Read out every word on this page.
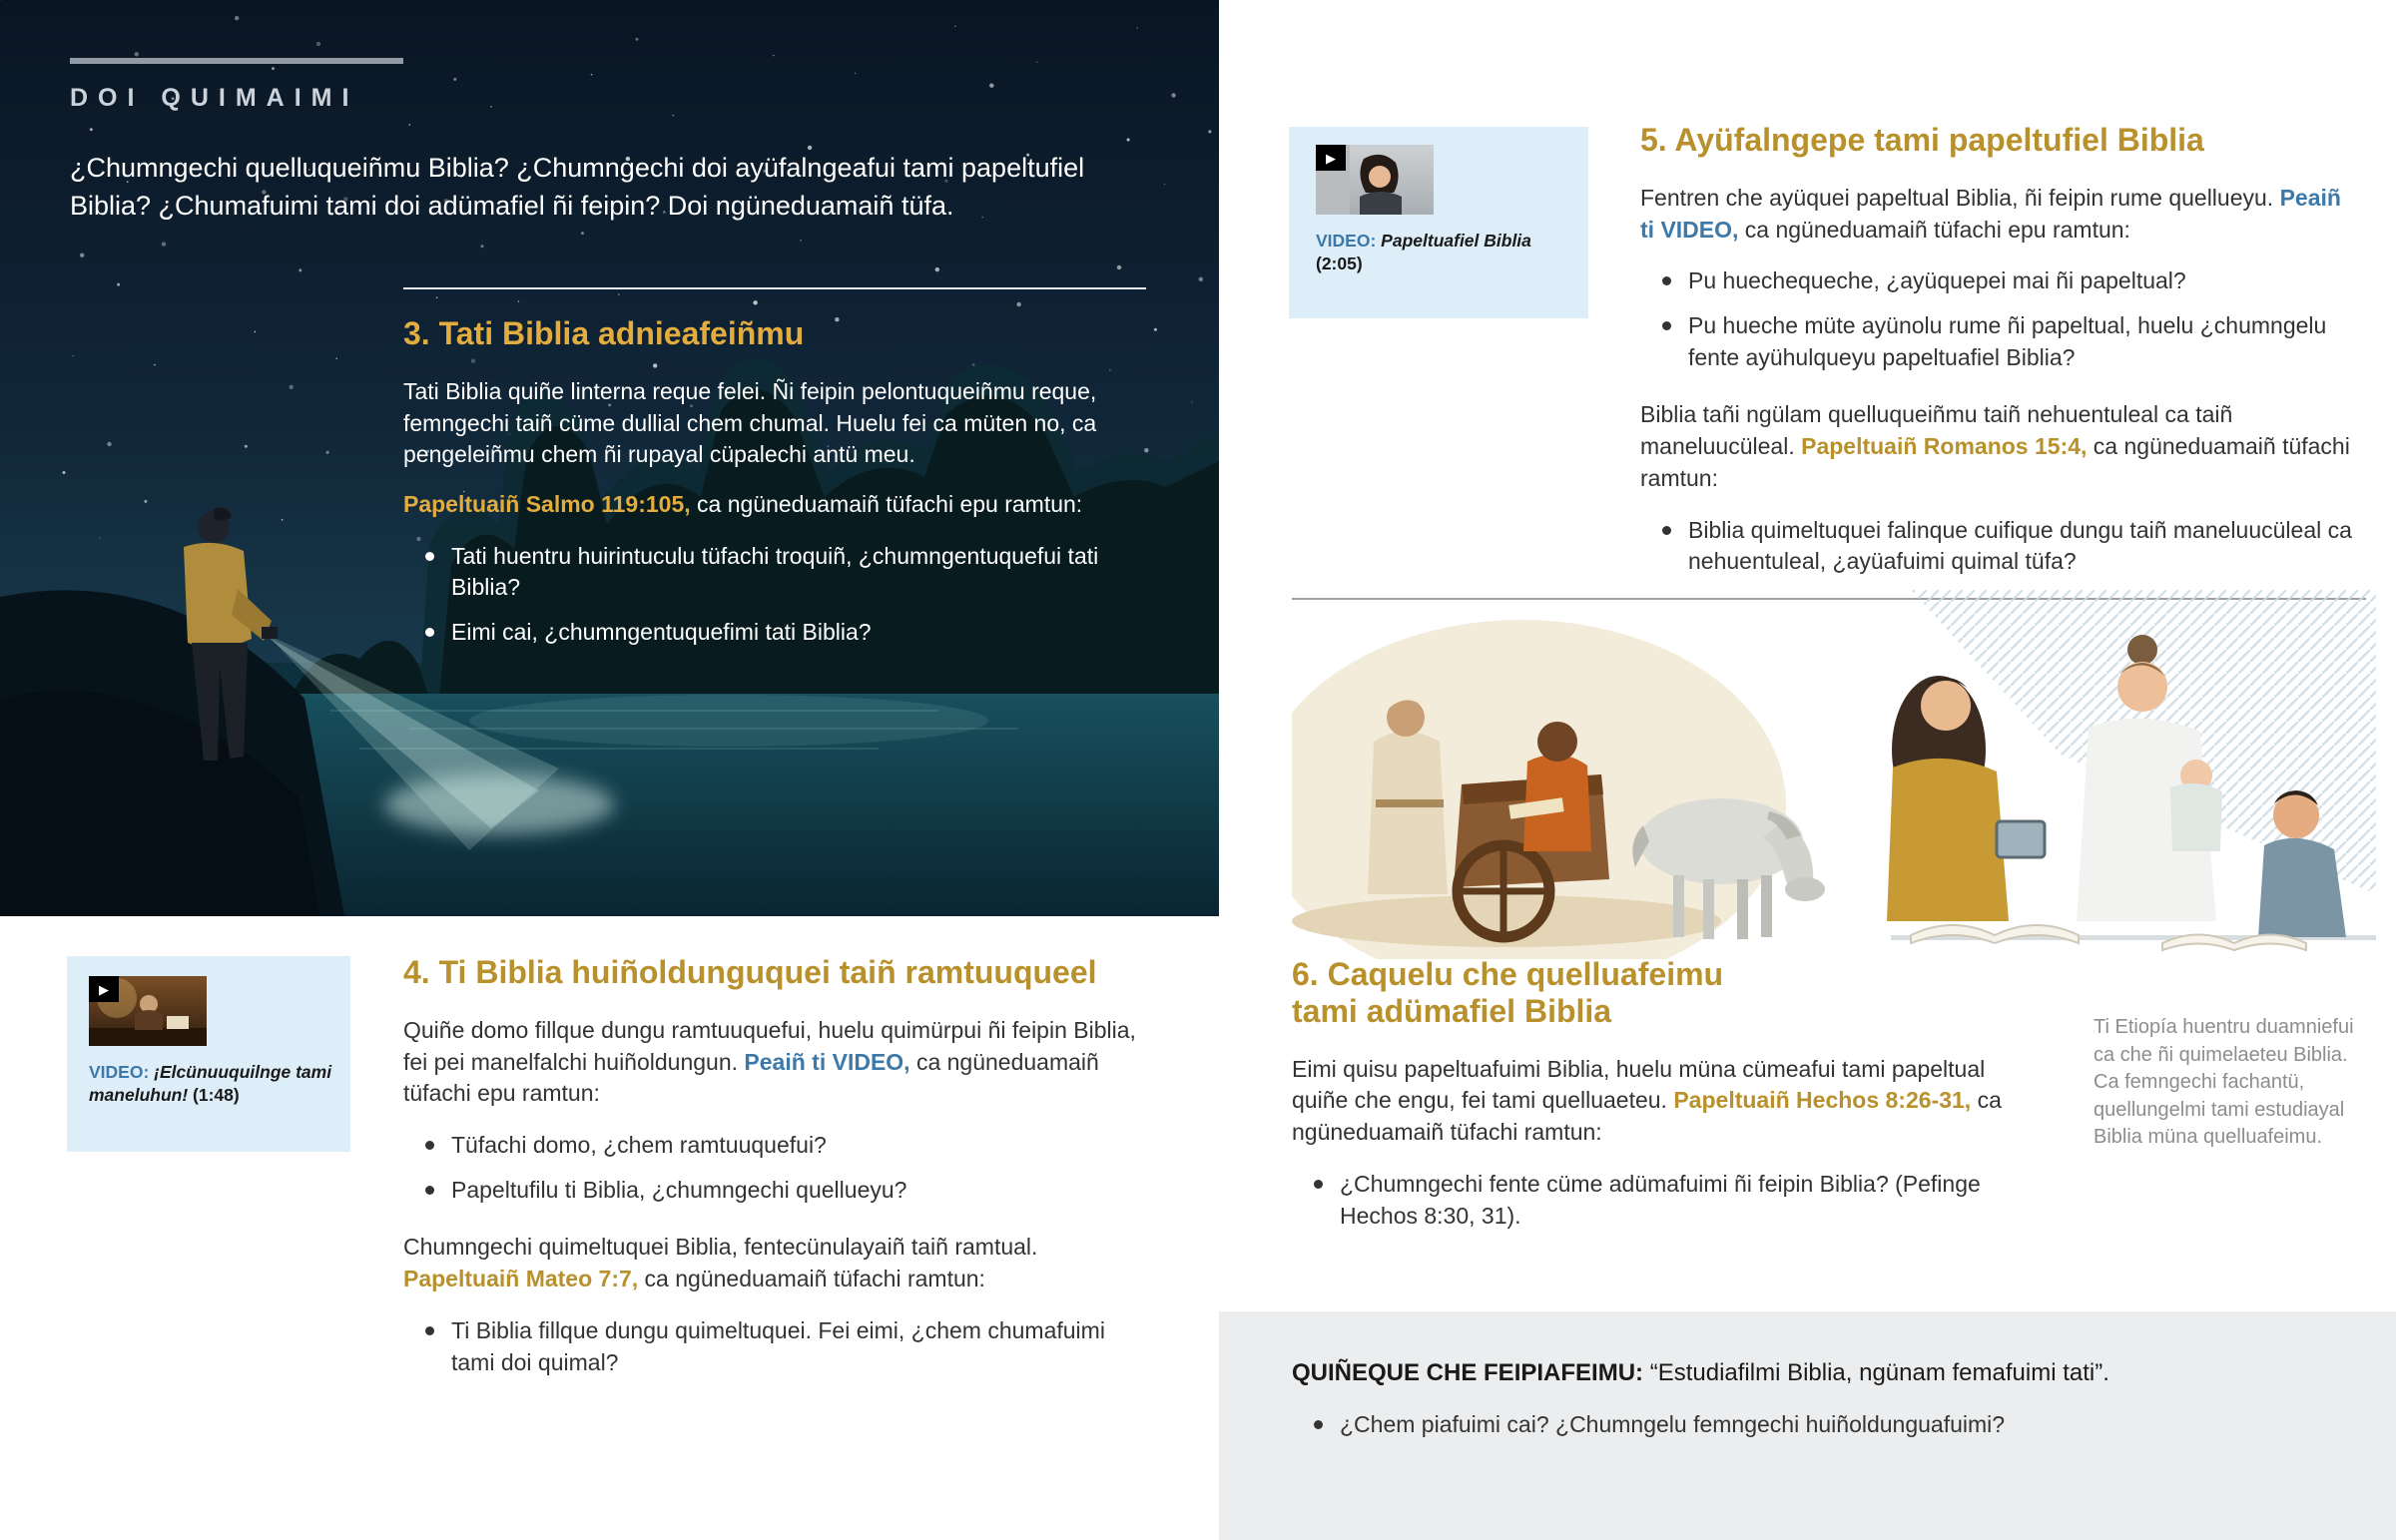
DOI QUIMAIMI
¿Chumngechi quelluqueiñmu Biblia? ¿Chumngechi doi ayüfalngeafui tami papeltufiel Biblia? ¿Chumafuimi tami doi adümafiel ñi feipin? Doi ngüneduamaiñ tüfa.
3. Tati Biblia adnieafeiñmu

Tati Biblia quiñe linterna reque felei. Ñi feipin pelontuqueiñmu reque, femngechi taiñ cüme dullial chem chumal. Huelu fei ca müten no, ca pengeleiñmu chem ñi rupayal cüpalechi antü meu.

Papeltuaiñ Salmo 119:105, ca ngüneduamaiñ tüfachi epu ramtun:

Tati huentru huirintuculu tüfachi troquiñ, ¿chumngentuquefui tati Biblia?
Eimi cai, ¿chumngentuquefimi tati Biblia?
▶
VIDEO: ¡Elcünuuquilnge tami maneluhun! (1:48)
4. Ti Biblia huiñoldunguquei taiñ ramtuuqueel

Quiñe domo fillque dungu ramtuuquefui, huelu quimürpui ñi feipin Biblia, fei pei manelfalchi huiñoldungun. Peaiñ ti VIDEO, ca ngüneduamaiñ tüfachi epu ramtun:

Tüfachi domo, ¿chem ramtuuquefui?
Papeltufilu ti Biblia, ¿chumngechi quellueyu?

Chumngechi quimeltuquei Biblia, fentecünulayaiñ taiñ ramtual. Papeltuaiñ Mateo 7:7, ca ngüneduamaiñ tüfachi ramtun:

Ti Biblia fillque dungu quimeltuquei. Fei eimi, ¿chem chumafuimi tami doi quimal?
▶
VIDEO: Papeltuafiel Biblia (2:05)
5. Ayüfalngepe tami papeltufiel Biblia

Fentren che ayüquei papeltual Biblia, ñi feipin rume quellueyu. Peaiñ ti VIDEO, ca ngüneduamaiñ tüfachi epu ramtun:

Pu huechequeche, ¿ayüquepei mai ñi papeltual?
Pu hueche müte ayünolu rume ñi papeltual, huelu ¿chumngelu fente ayühulqueyu papeltuafiel Biblia?

Biblia tañi ngülam quelluqueiñmu taiñ nehuentuleal ca taiñ maneluucüleal. Papeltuaiñ Romanos 15:4, ca ngüneduamaiñ tüfachi ramtun:

Biblia quimeltuquei falinque cuifique dungu taiñ maneluucüleal ca nehuentuleal, ¿ayüafuimi quimal tüfa?
6. Caquelu che quelluafeimu tami adümafiel Biblia

Eimi quisu papeltuafuimi Biblia, huelu müna cümeafui tami papeltual quiñe che engu, fei tami quelluaeteu. Papeltuaiñ Hechos 8:26-31, ca ngüneduamaiñ tüfachi ramtun:

¿Chumngechi fente cüme adümafuimi ñi feipin Biblia? (Pefinge Hechos 8:30, 31).
Ti Etiopía huentru duamniefui ca che ñi quimelaeteu Biblia. Ca femngechi fachantü, quellungelmi tami estudiayal Biblia müna quelluafeimu.

QUIÑEQUE CHE FEIPIAFEIMU: “Estudiafilmi Biblia, ngünam femafuimi tati”.

¿Chem piafuimi cai? ¿Chumngelu femngechi huiñoldunguafuimi?
